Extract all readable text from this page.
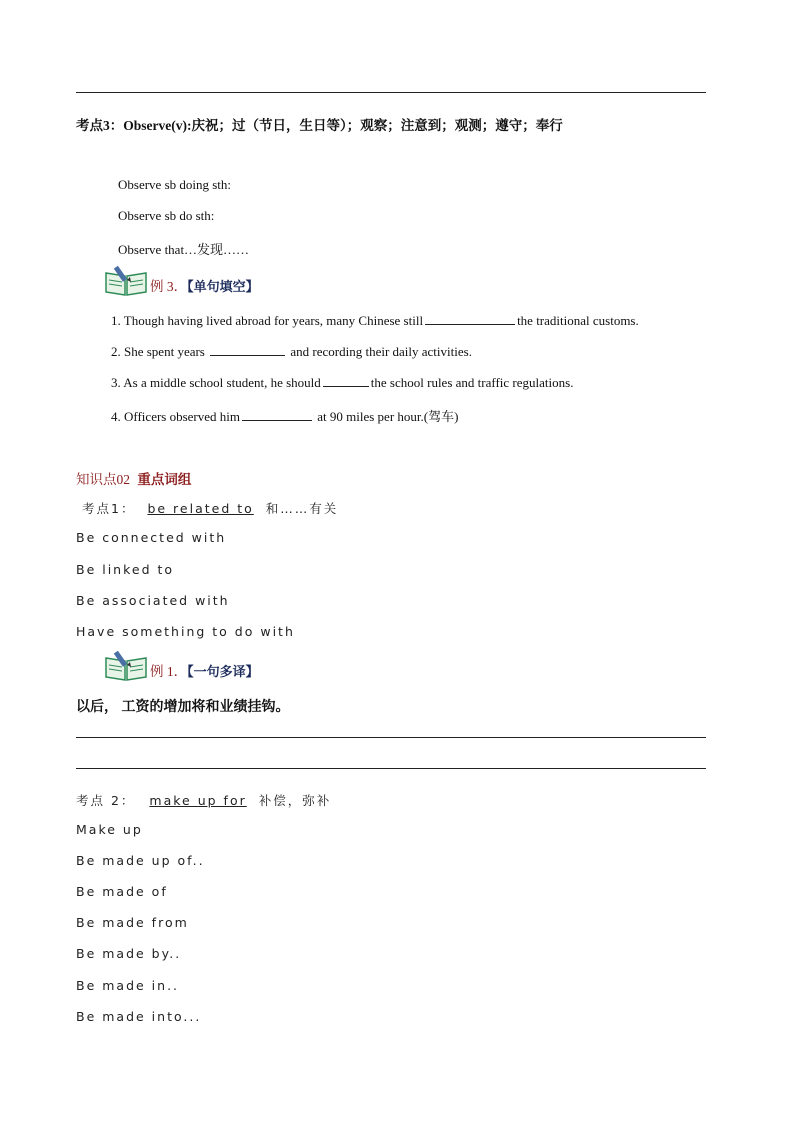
考点3：Observe(v):庆祝；过（节日，生日等）；观察；注意到；观测；遵守；奉行
Observe sb doing sth:
Observe sb do sth:
Observe that…发现……
例 3．【单句填空】
1. Though having lived abroad for years, many Chinese still	the traditional customs.
2. She spent years	and recording their daily activities.
3. As a middle school student, he should	the school rules and traffic regulations.
4. Officers observed him	at 90 miles per hour.(驾车)
知识点02 重点词组
考点1： be related to 和……有关
Be connected with
Be linked to
Be associated with
Have something to do with
例 1．【一句多译】
以后， 工资的增加将和业绩挂钩。
考点 2： make up for 补偿，弥补
Make up
Be made up of..
Be made of
Be made from
Be made by..
Be made in..
Be made into...
